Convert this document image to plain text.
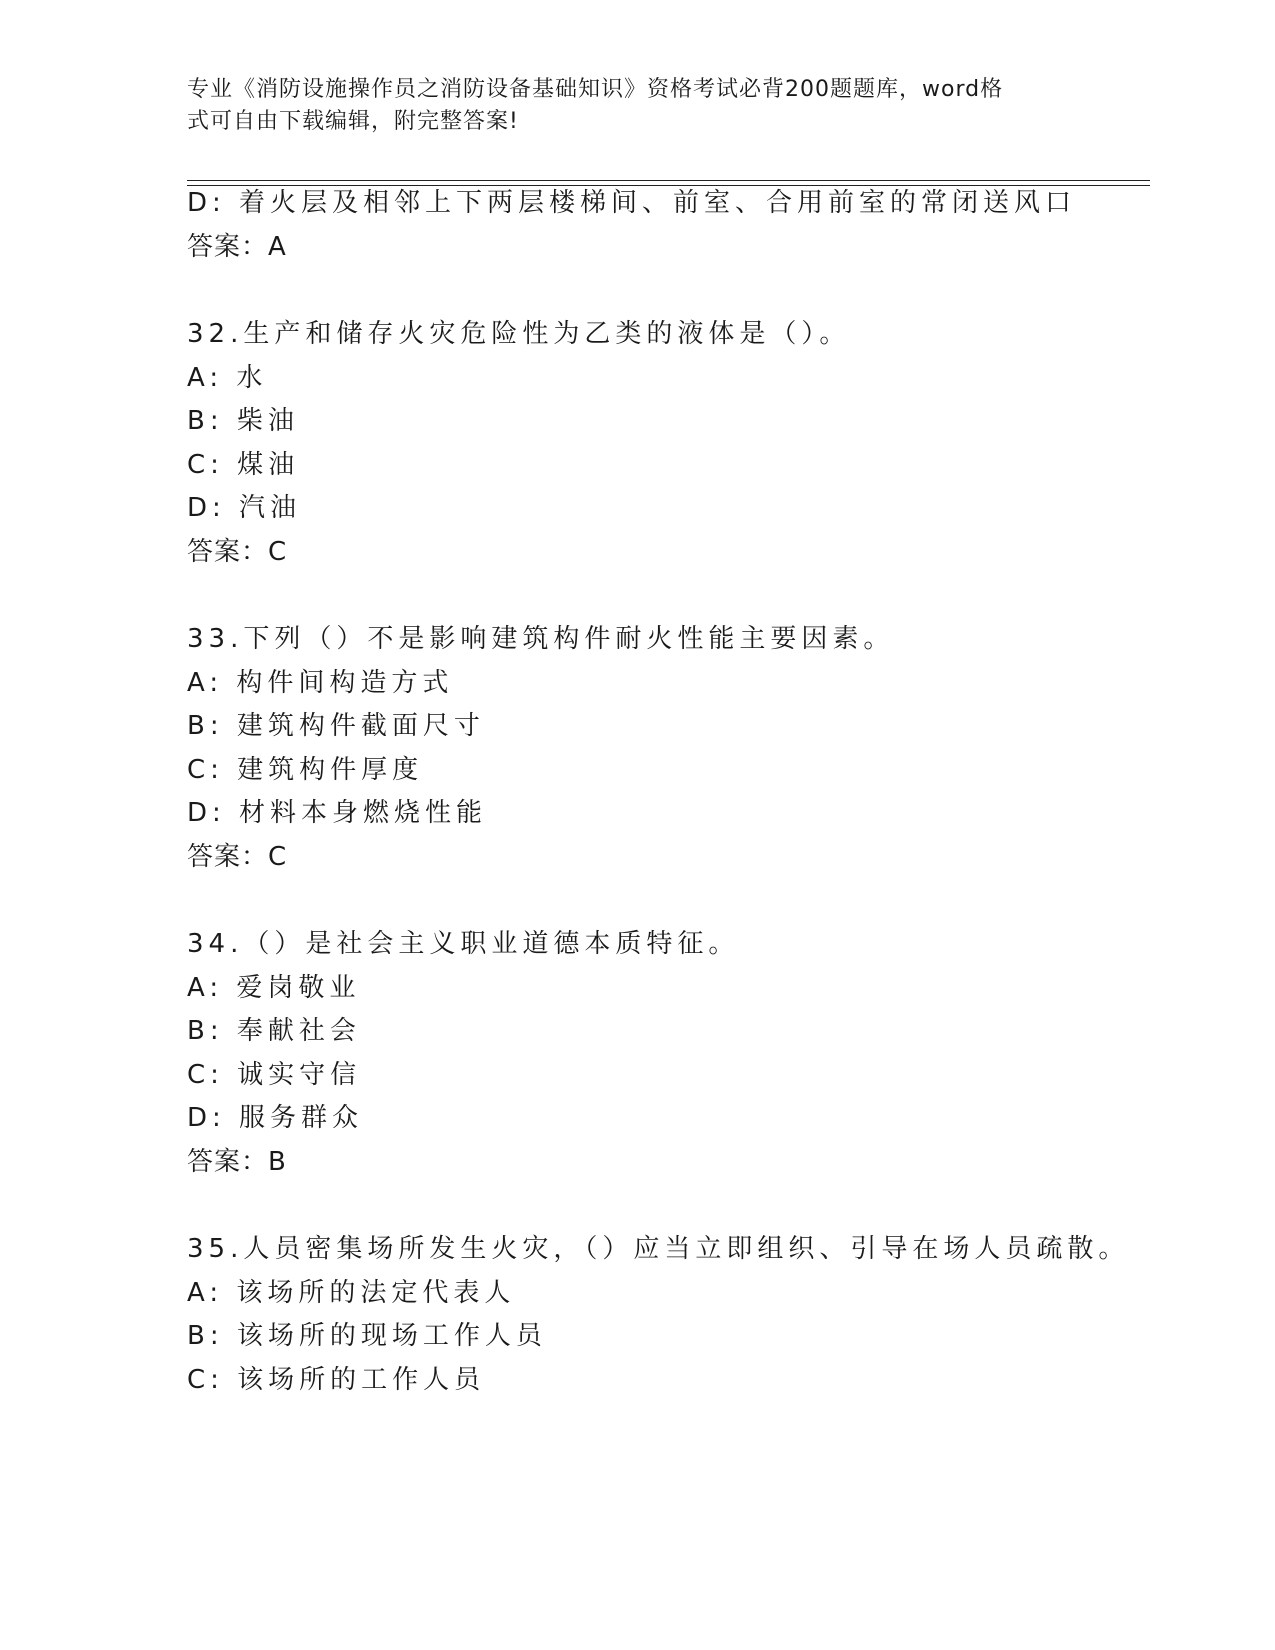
专业《消防设施操作员之消防设备基础知识》资格考试必背200题题库，word格
式可自由下载编辑，附完整答案!
D: 着火层及相邻上下两层楼梯间、前室、合用前室的常闭送风口
答案：A
32.生产和储存火灾危险性为乙类的液体是（）。
A: 水
B: 柴油
C: 煤油
D: 汽油
答案：C
33.下列（）不是影响建筑构件耐火性能主要因素。
A: 构件间构造方式
B: 建筑构件截面尺寸
C: 建筑构件厚度
D: 材料本身燃烧性能
答案：C
34.（）是社会主义职业道德本质特征。
A: 爱岗敬业
B: 奉献社会
C: 诚实守信
D: 服务群众
答案：B
35.人员密集场所发生火灾，（）应当立即组织、引导在场人员疏散。
A: 该场所的法定代表人
B: 该场所的现场工作人员
C: 该场所的工作人员
